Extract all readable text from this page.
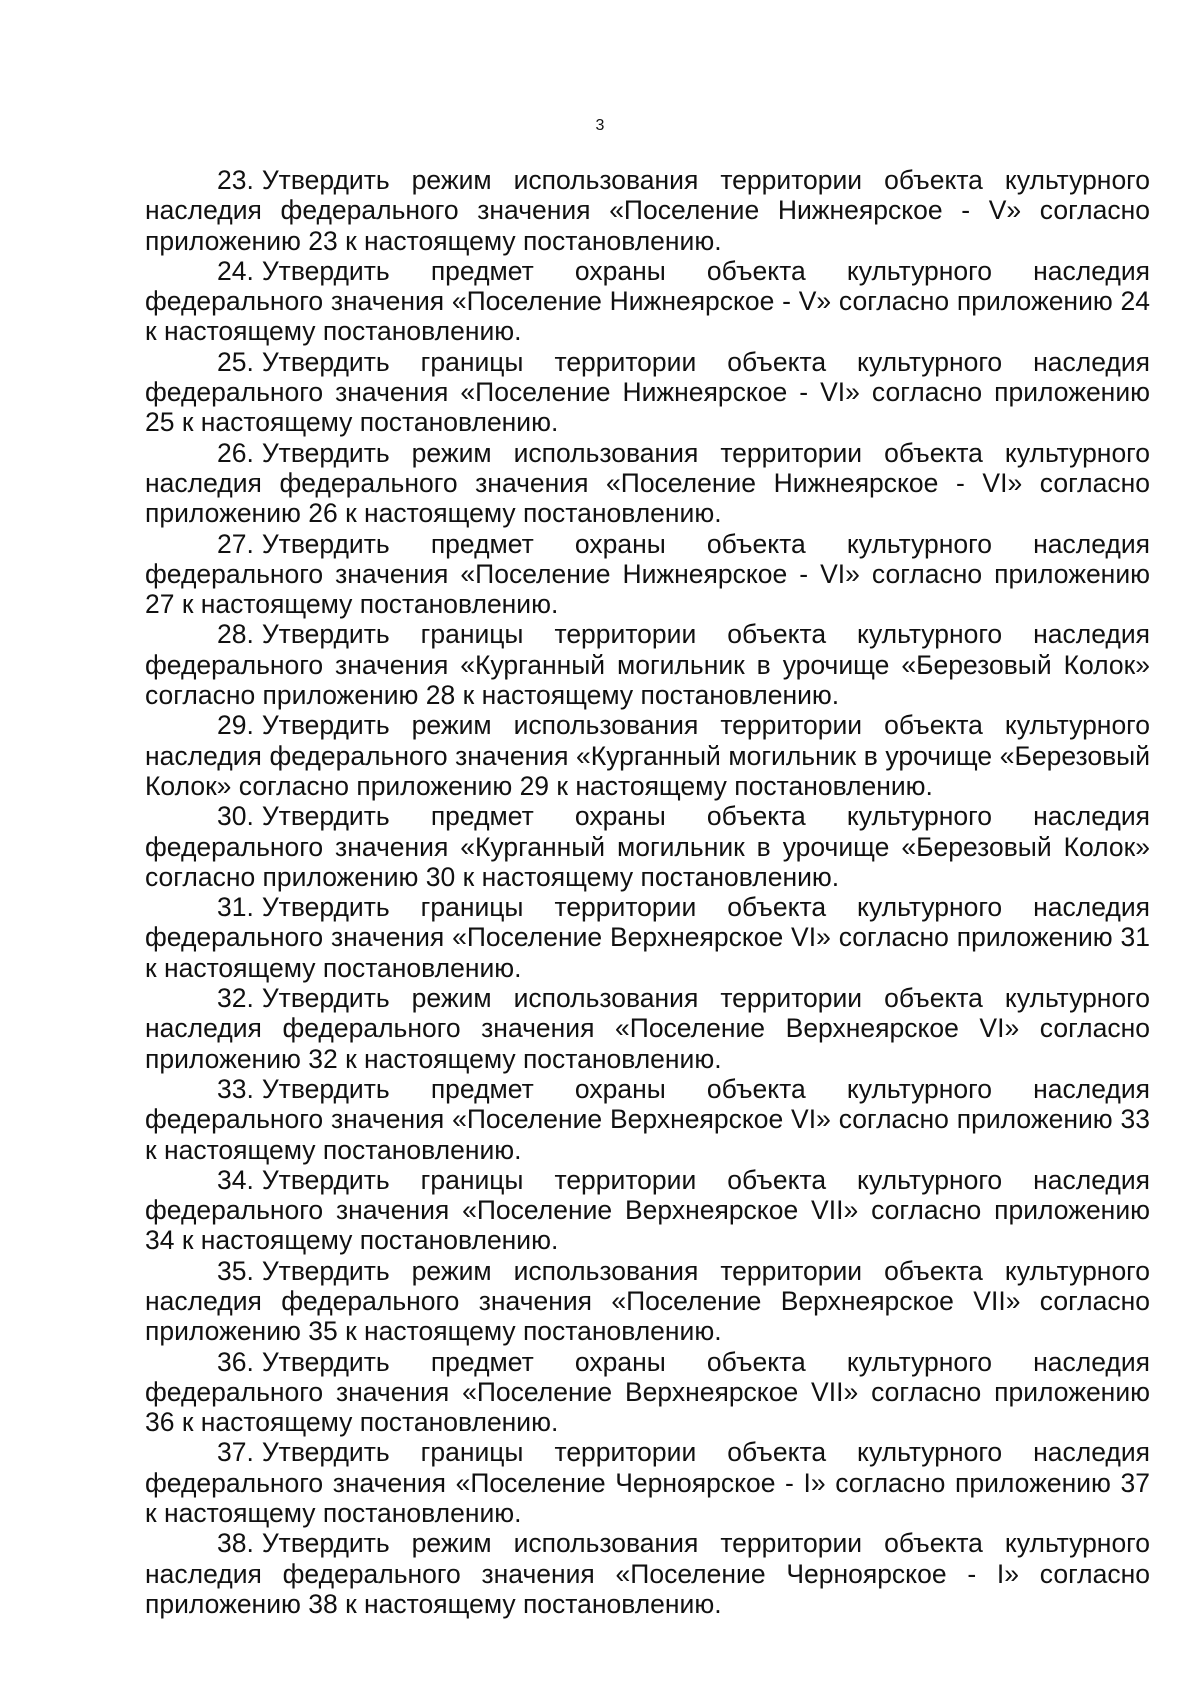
3

23. Утвердить режим использования территории объекта культурного наследия федерального значения «Поселение Нижнеярское - V» согласно приложению 23 к настоящему постановлению.

24. Утвердить предмет охраны объекта культурного наследия федерального значения «Поселение Нижнеярское - V» согласно приложению 24 к настоящему постановлению.

25. Утвердить границы территории объекта культурного наследия федерального значения «Поселение Нижнеярское - VI» согласно приложению 25 к настоящему постановлению.

26. Утвердить режим использования территории объекта культурного наследия федерального значения «Поселение Нижнеярское - VI» согласно приложению 26 к настоящему постановлению.

27. Утвердить предмет охраны объекта культурного наследия федерального значения «Поселение Нижнеярское - VI» согласно приложению 27 к настоящему постановлению.

28. Утвердить границы территории объекта культурного наследия федерального значения «Курганный могильник в урочище «Березовый Колок» согласно приложению 28 к настоящему постановлению.

29. Утвердить режим использования территории объекта культурного наследия федерального значения «Курганный могильник в урочище «Березовый Колок» согласно приложению 29 к настоящему постановлению.

30. Утвердить предмет охраны объекта культурного наследия федерального значения «Курганный могильник в урочище «Березовый Колок» согласно приложению 30 к настоящему постановлению.

31. Утвердить границы территории объекта культурного наследия федерального значения «Поселение Верхнеярское VI» согласно приложению 31 к настоящему постановлению.

32. Утвердить режим использования территории объекта культурного наследия федерального значения «Поселение Верхнеярское VI» согласно приложению 32 к настоящему постановлению.

33. Утвердить предмет охраны объекта культурного наследия федерального значения «Поселение Верхнеярское VI» согласно приложению 33 к настоящему постановлению.

34. Утвердить границы территории объекта культурного наследия федерального значения «Поселение Верхнеярское VII» согласно приложению 34 к настоящему постановлению.

35. Утвердить режим использования территории объекта культурного наследия федерального значения «Поселение Верхнеярское VII» согласно приложению 35 к настоящему постановлению.

36. Утвердить предмет охраны объекта культурного наследия федерального значения «Поселение Верхнеярское VII» согласно приложению 36 к настоящему постановлению.

37. Утвердить границы территории объекта культурного наследия федерального значения «Поселение Черноярское - I» согласно приложению 37 к настоящему постановлению.

38. Утвердить режим использования территории объекта культурного наследия федерального значения «Поселение Черноярское - I» согласно приложению 38 к настоящему постановлению.
